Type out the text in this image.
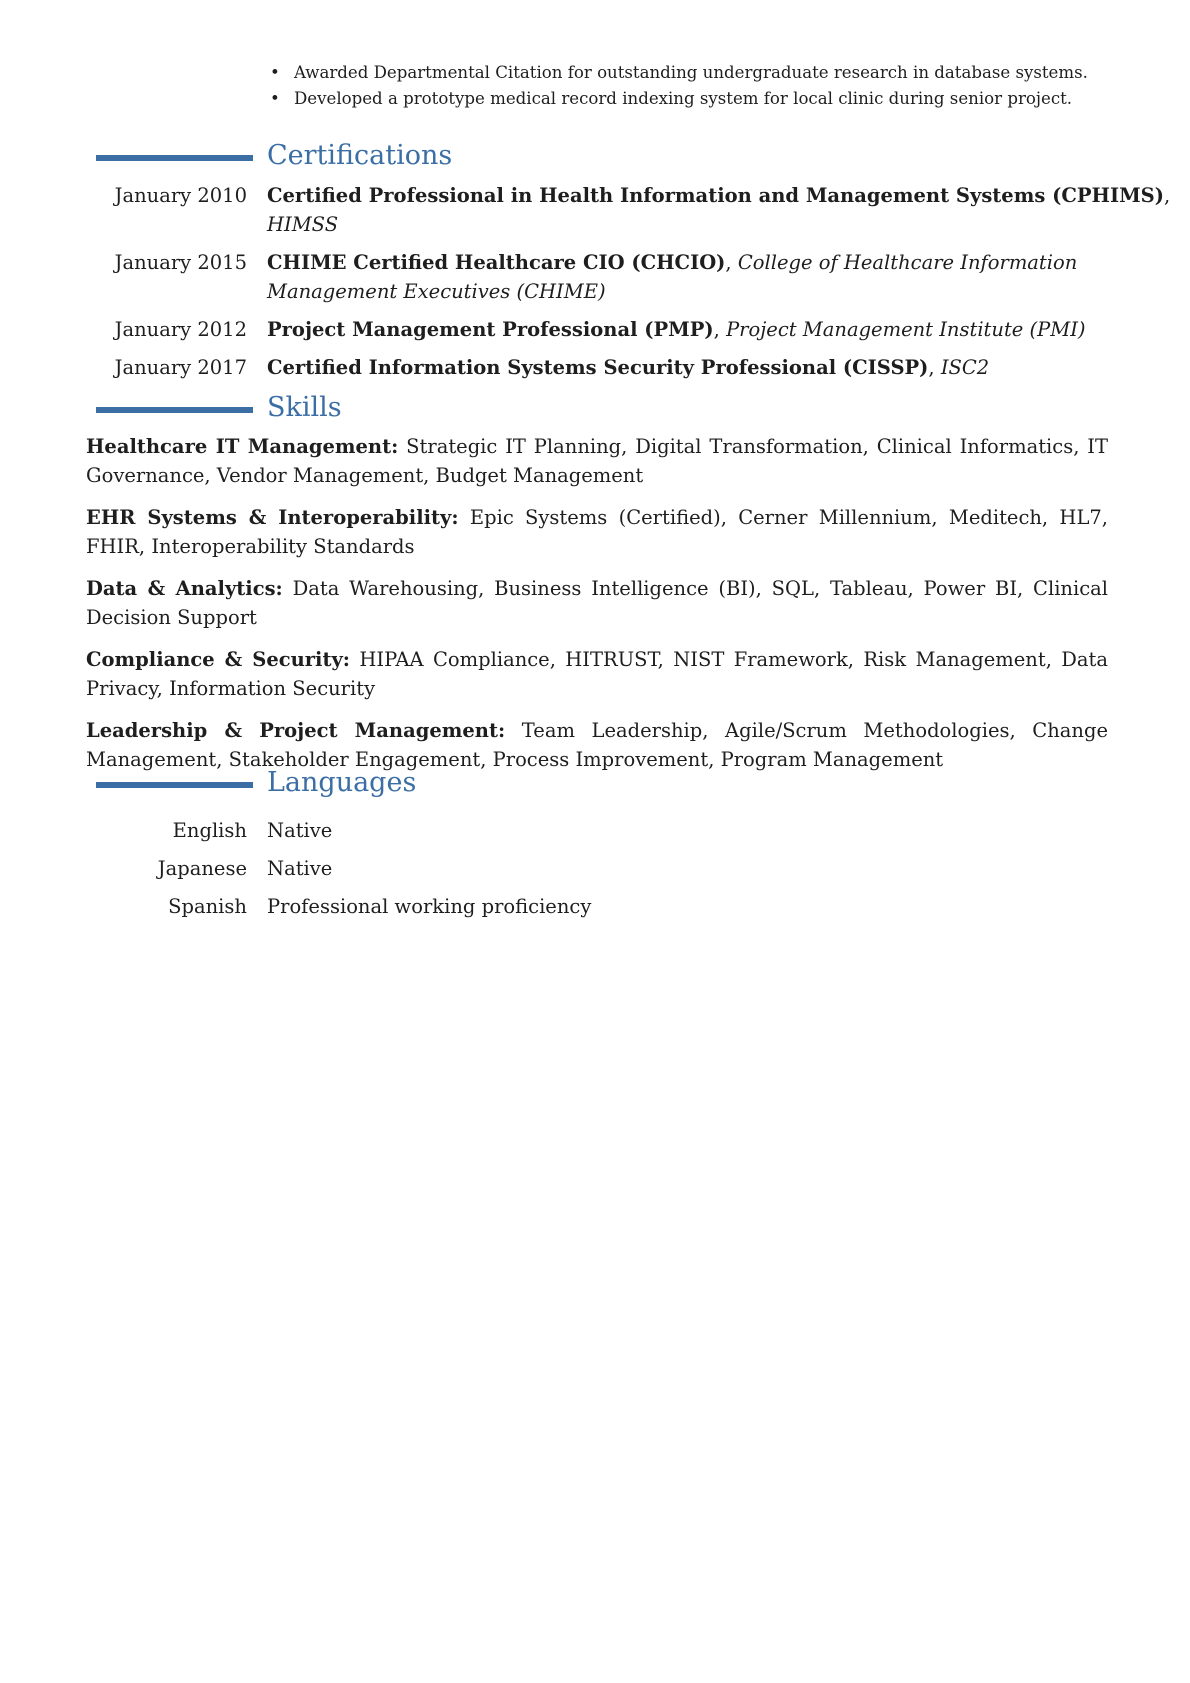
• Awarded Departmental Citation for outstanding undergraduate research in database systems.
• Developed a prototype medical record indexing system for local clinic during senior project.
Certifications
January 2010 Certified Professional in Health Information and Management Systems (CPHIMS), HIMSS
January 2015 CHIME Certified Healthcare CIO (CHCIO), College of Healthcare Information Management Executives (CHIME)
January 2012 Project Management Professional (PMP), Project Management Institute (PMI)
January 2017 Certified Information Systems Security Professional (CISSP), ISC2
Skills
Healthcare IT Management: Strategic IT Planning, Digital Transformation, Clinical Informatics, IT Governance, Vendor Management, Budget Management
EHR Systems & Interoperability: Epic Systems (Certified), Cerner Millennium, Meditech, HL7, FHIR, Interoperability Standards
Data & Analytics: Data Warehousing, Business Intelligence (BI), SQL, Tableau, Power BI, Clinical Decision Support
Compliance & Security: HIPAA Compliance, HITRUST, NIST Framework, Risk Management, Data Privacy, Information Security
Leadership & Project Management: Team Leadership, Agile/Scrum Methodologies, Change Management, Stakeholder Engagement, Process Improvement, Program Management
Languages
English Native
Japanese Native
Spanish Professional working proficiency
